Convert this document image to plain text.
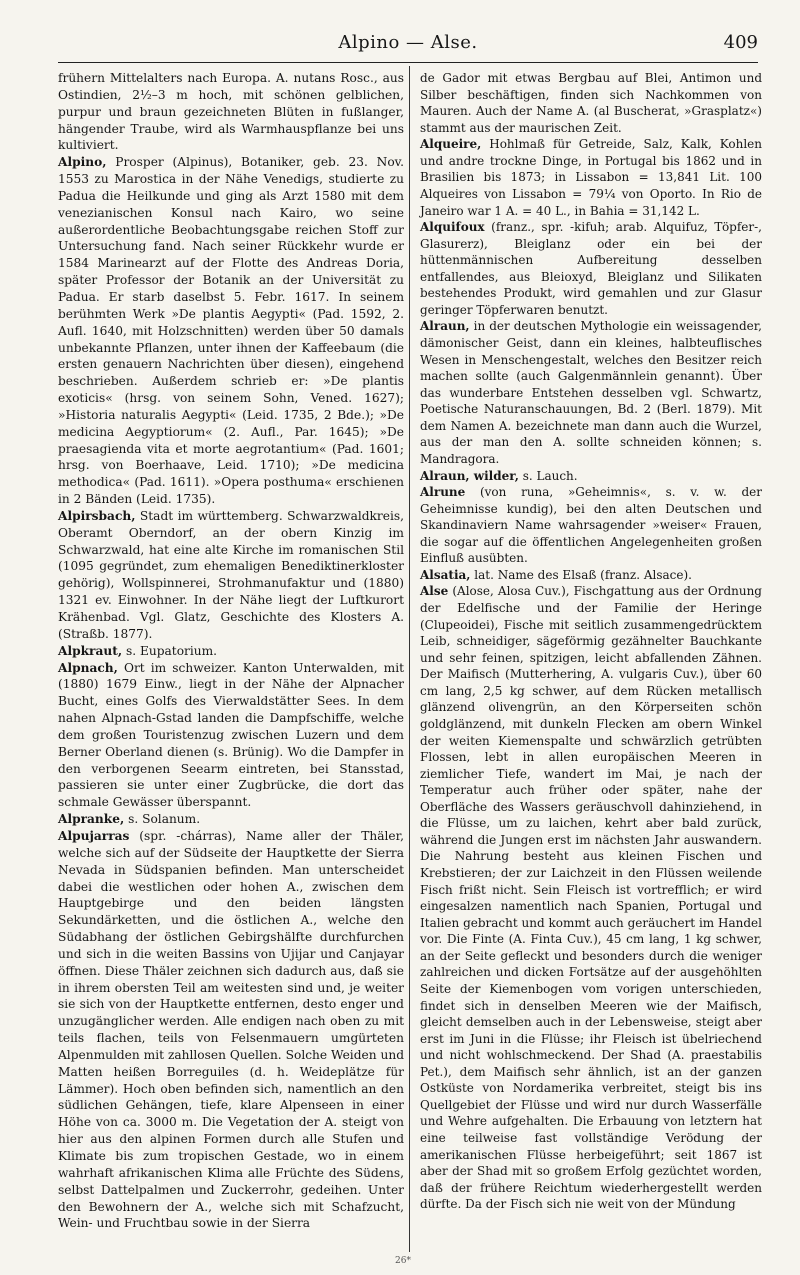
Alpino — Alse.	409

frühern Mittelalters nach Europa. A. nutans Rosc., aus Ostindien, 2½–3 m hoch, mit schönen gelblichen, purpur und braun gezeichneten Blüten in fußlanger, hängender Traube, wird als Warmhauspflanze bei uns kultiviert.

Alpino, Prosper (Alpinus), Botaniker, geb. 23. Nov. 1553 zu Marostica in der Nähe Venedigs, studierte zu Padua die Heilkunde und ging als Arzt 1580 mit dem venezianischen Konsul nach Kairo, wo seine außerordentliche Beobachtungsgabe reichen Stoff zur Untersuchung fand. Nach seiner Rückkehr wurde er 1584 Marinearzt auf der Flotte des Andreas Doria, später Professor der Botanik an der Universität zu Padua. Er starb daselbst 5. Febr. 1617. In seinem berühmten Werk »De plantis Aegypti« (Pad. 1592, 2. Aufl. 1640, mit Holzschnitten) werden über 50 damals unbekannte Pflanzen, unter ihnen der Kaffeebaum (die ersten genauern Nachrichten über diesen), eingehend beschrieben. Außerdem schrieb er: »De plantis exoticis« (hrsg. von seinem Sohn, Vened. 1627); »Historia naturalis Aegypti« (Leid. 1735, 2 Bde.); »De medicina Aegyptiorum« (2. Aufl., Par. 1645); »De praesagienda vita et morte aegrotantium« (Pad. 1601; hrsg. von Boerhaave, Leid. 1710); »De medicina methodica« (Pad. 1611). »Opera posthuma« erschienen in 2 Bänden (Leid. 1735).

Alpirsbach, Stadt im württemberg. Schwarzwaldkreis, Oberamt Oberndorf, an der obern Kinzig im Schwarzwald, hat eine alte Kirche im romanischen Stil (1095 gegründet, zum ehemaligen Benediktinerkloster gehörig), Wollspinnerei, Strohmanufaktur und (1880) 1321 ev. Einwohner. In der Nähe liegt der Luftkurort Krähenbad. Vgl. Glatz, Geschichte des Klosters A. (Straßb. 1877).

Alpkraut, s. Eupatorium.

Alpnach, Ort im schweizer. Kanton Unterwalden, mit (1880) 1679 Einw., liegt in der Nähe der Alpnacher Bucht, eines Golfs des Vierwaldstätter Sees. In dem nahen Alpnach-Gstad landen die Dampfschiffe, welche dem großen Touristenzug zwischen Luzern und dem Berner Oberland dienen (s. Brünig). Wo die Dampfer in den verborgenen Seearm eintreten, bei Stansstad, passieren sie unter einer Zugbrücke, die dort das schmale Gewässer überspannt.

Alpranke, s. Solanum.

Alpujarras (spr. -chárras), Name aller der Thäler, welche sich auf der Südseite der Hauptkette der Sierra Nevada in Südspanien befinden. Man unterscheidet dabei die westlichen oder hohen A., zwischen dem Hauptgebirge und den beiden längsten Sekundärketten, und die östlichen A., welche den Südabhang der östlichen Gebirgshälfte durchfurchen und sich in die weiten Bassins von Ujijar und Canjayar öffnen. Diese Thäler zeichnen sich dadurch aus, daß sie in ihrem obersten Teil am weitesten sind und, je weiter sie sich von der Hauptkette entfernen, desto enger und unzugänglicher werden. Alle endigen nach oben zu mit teils flachen, teils von Felsenmauern umgürteten Alpenmulden mit zahllosen Quellen. Solche Weiden und Matten heißen Borreguiles (d. h. Weideplätze für Lämmer). Hoch oben befinden sich, namentlich an den südlichen Gehängen, tiefe, klare Alpenseen in einer Höhe von ca. 3000 m. Die Vegetation der A. steigt von hier aus den alpinen Formen durch alle Stufen und Klimate bis zum tropischen Gestade, wo in einem wahrhaft afrikanischen Klima alle Früchte des Südens, selbst Dattelpalmen und Zuckerrohr, gedeihen. Unter den Bewohnern der A., welche sich mit Schafzucht, Wein- und Fruchtbau sowie in der Sierra

de Gador mit etwas Bergbau auf Blei, Antimon und Silber beschäftigen, finden sich Nachkommen von Mauren. Auch der Name A. (al Buscherat, »Grasplatz«) stammt aus der maurischen Zeit.

Alqueire, Hohlmaß für Getreide, Salz, Kalk, Kohlen und andre trockne Dinge, in Portugal bis 1862 und in Brasilien bis 1873; in Lissabon = 13,841 Lit. 100 Alqueires von Lissabon = 79¼ von Oporto. In Rio de Janeiro war 1 A. = 40 L., in Bahia = 31,142 L.

Alquifoux (franz., spr. -kifuh; arab. Alquifuz, Töpfer-, Glasurerz), Bleiglanz oder ein bei der hüttenmännischen Aufbereitung desselben entfallendes, aus Bleioxyd, Bleiglanz und Silikaten bestehendes Produkt, wird gemahlen und zur Glasur geringer Töpferwaren benutzt.

Alraun, in der deutschen Mythologie ein weissagender, dämonischer Geist, dann ein kleines, halbteuflisches Wesen in Menschengestalt, welches den Besitzer reich machen sollte (auch Galgenmännlein genannt). Über das wunderbare Entstehen desselben vgl. Schwartz, Poetische Naturanschauungen, Bd. 2 (Berl. 1879). Mit dem Namen A. bezeichnete man dann auch die Wurzel, aus der man den A. sollte schneiden können; s. Mandragora.

Alraun, wilder, s. Lauch.

Alrune (von runa, »Geheimnis«, s. v. w. der Geheimnisse kundig), bei den alten Deutschen und Skandinaviern Name wahrsagender »weiser« Frauen, die sogar auf die öffentlichen Angelegenheiten großen Einfluß ausübten.

Alsatia, lat. Name des Elsaß (franz. Alsace).

Alse (Alose, Alosa Cuv.), Fischgattung aus der Ordnung der Edelfische und der Familie der Heringe (Clupeoidei), Fische mit seitlich zusammengedrücktem Leib, schneidiger, sägeförmig gezähnelter Bauchkante und sehr feinen, spitzigen, leicht abfallenden Zähnen. Der Maifisch (Mutterhering, A. vulgaris Cuv.), über 60 cm lang, 2,5 kg schwer, auf dem Rücken metallisch glänzend olivengrün, an den Körperseiten schön goldglänzend, mit dunkeln Flecken am obern Winkel der weiten Kiemenspalte und schwärzlich getrübten Flossen, lebt in allen europäischen Meeren in ziemlicher Tiefe, wandert im Mai, je nach der Temperatur auch früher oder später, nahe der Oberfläche des Wassers geräuschvoll dahinziehend, in die Flüsse, um zu laichen, kehrt aber bald zurück, während die Jungen erst im nächsten Jahr auswandern. Die Nahrung besteht aus kleinen Fischen und Krebstieren; der zur Laichzeit in den Flüssen weilende Fisch frißt nicht. Sein Fleisch ist vortrefflich; er wird eingesalzen namentlich nach Spanien, Portugal und Italien gebracht und kommt auch geräuchert im Handel vor. Die Finte (A. Finta Cuv.), 45 cm lang, 1 kg schwer, an der Seite gefleckt und besonders durch die weniger zahlreichen und dicken Fortsätze auf der ausgehöhlten Seite der Kiemenbogen vom vorigen unterschieden, findet sich in denselben Meeren wie der Maifisch, gleicht demselben auch in der Lebensweise, steigt aber erst im Juni in die Flüsse; ihr Fleisch ist übelriechend und nicht wohlschmeckend. Der Shad (A. praestabilis Pet.), dem Maifisch sehr ähnlich, ist an der ganzen Ostküste von Nordamerika verbreitet, steigt bis ins Quellgebiet der Flüsse und wird nur durch Wasserfälle und Wehre aufgehalten. Die Erbauung von letztern hat eine teilweise fast vollständige Verödung der amerikanischen Flüsse herbeigeführt; seit 1867 ist aber der Shad mit so großem Erfolg gezüchtet worden, daß der frühere Reichtum wiederhergestellt werden dürfte. Da der Fisch sich nie weit von der Mündung

26*
